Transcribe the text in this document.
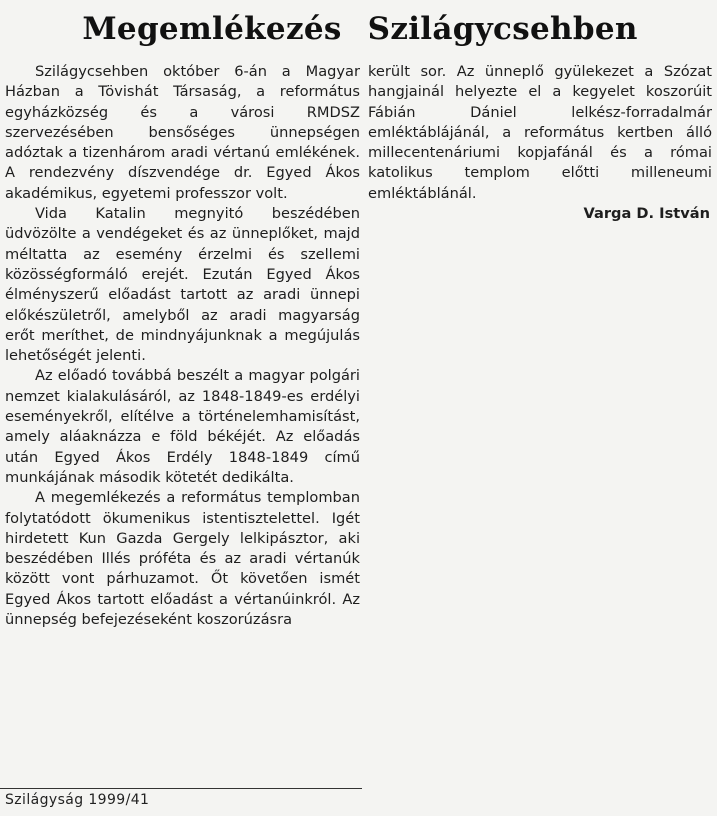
Megemlékezés Szilágycsehben

Szilágycsehben október 6-án a Magyar Házban a Tövishát Társaság, a református egyházközség és a városi RMDSZ szervezésében bensőséges ünnepségen adóztak a tizenhárom aradi vértanú emlékének. A rendezvény díszvendége dr. Egyed Ákos akadémikus, egyetemi professzor volt.

Vida Katalin megnyitó beszédében üdvözölte a vendégeket és az ünneplőket, majd méltatta az esemény érzelmi és szellemi közösségformáló erejét. Ezután Egyed Ákos élményszerű előadást tartott az aradi ünnepi előkészületről, amelyből az aradi magyarság erőt meríthet, de mindnyájunknak a megújulás lehetőségét jelenti.

Az előadó továbbá beszélt a magyar polgári nemzet kialakulásáról, az 1848-1849-es erdélyi eseményekről, elítélve a történelemhamisítást, amely aláaknázza e föld békéjét. Az előadás után Egyed Ákos Erdély 1848-1849 című munkájának második kötetét dedikálta.

A megemlékezés a református templomban folytatódott ökumenikus istentisztelettel. Igét hirdetett Kun Gazda Gergely lelkipásztor, aki beszédében Illés próféta és az aradi vértanúk között vont párhuzamot. Őt követően ismét Egyed Ákos tartott előadást a vértanúinkról. Az ünnepség befejezéseként koszorúzásra

került sor. Az ünneplő gyülekezet a Szózat hangjainál helyezte el a kegyelet koszorúit Fábián Dániel lelkész-forradalmár emléktáblájánál, a református kertben álló millecentenáriumi kopjafánál és a római katolikus templom előtti milleneumi emléktáblánál.

Varga D. István

Szilágyság 1999/41
